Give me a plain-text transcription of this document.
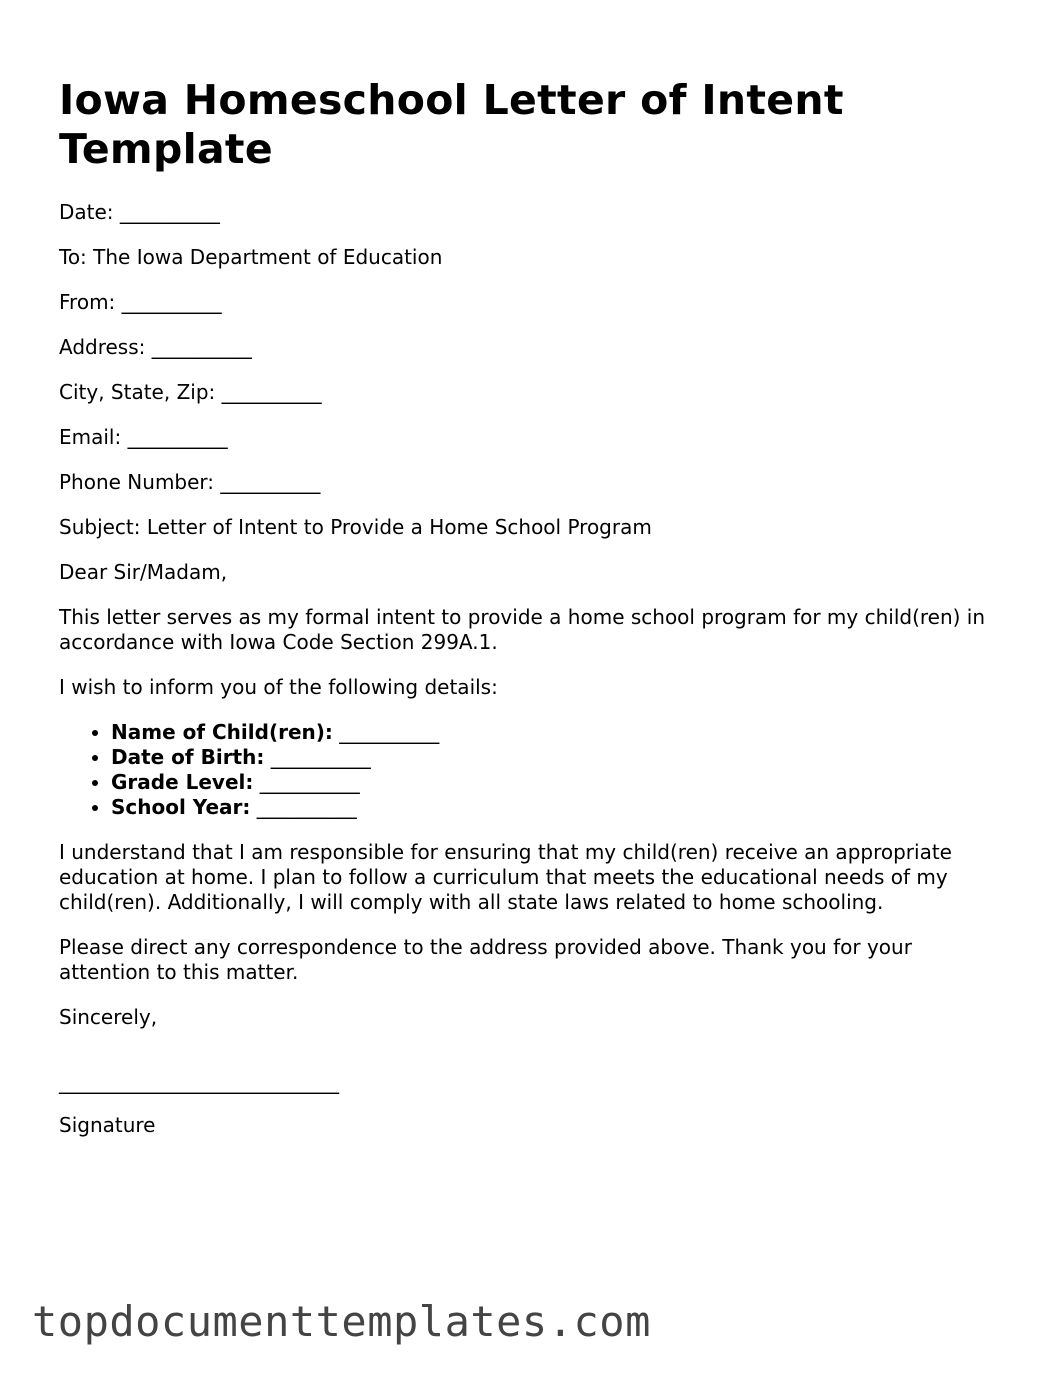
Iowa Homeschool Letter of Intent Template

Date: __________

To: The Iowa Department of Education

From: __________

Address: __________

City, State, Zip: __________

Email: __________

Phone Number: __________

Subject: Letter of Intent to Provide a Home School Program

Dear Sir/Madam,

This letter serves as my formal intent to provide a home school program for my child(ren) in accordance with Iowa Code Section 299A.1.

I wish to inform you of the following details:

• Name of Child(ren): __________
• Date of Birth: __________
• Grade Level: __________
• School Year: __________

I understand that I am responsible for ensuring that my child(ren) receive an appropriate education at home. I plan to follow a curriculum that meets the educational needs of my child(ren). Additionally, I will comply with all state laws related to home schooling.

Please direct any correspondence to the address provided above. Thank you for your attention to this matter.

Sincerely,

____________________________

Signature

topdocumenttemplates.com
